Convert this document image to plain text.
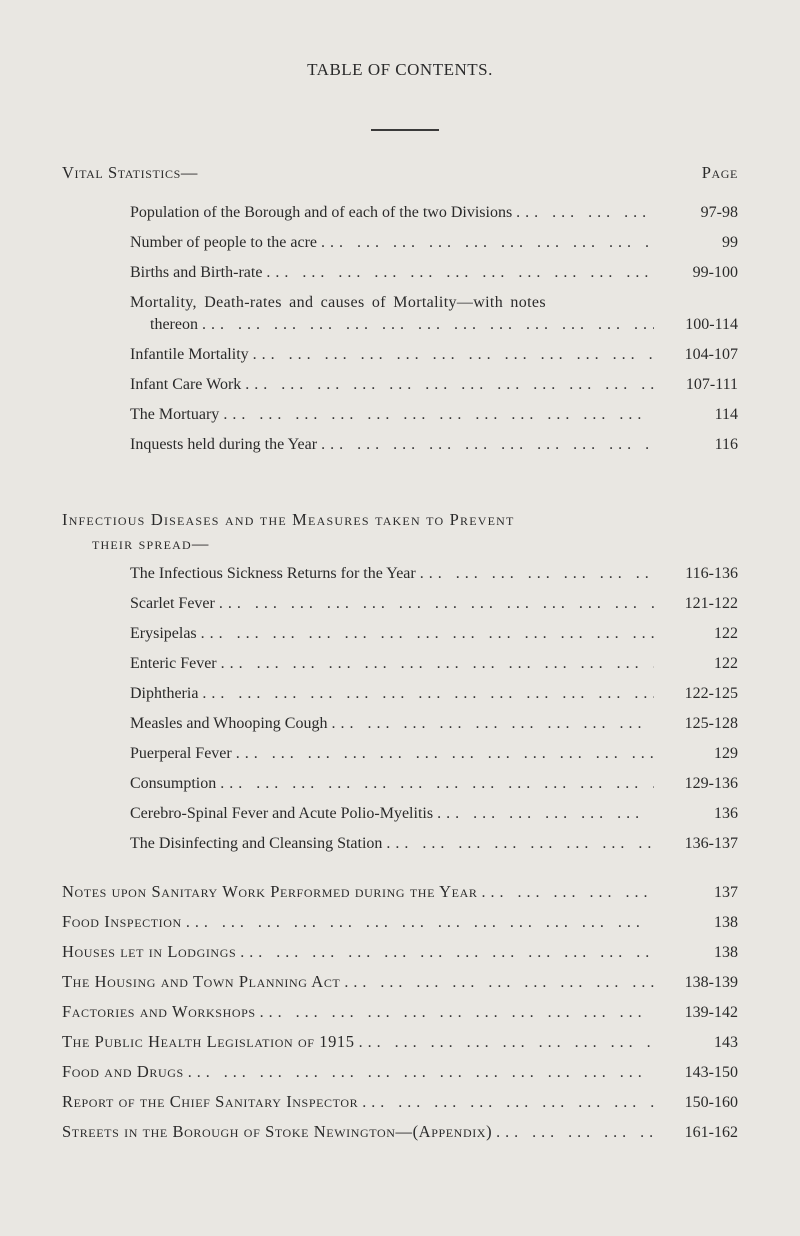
TABLE OF CONTENTS.
Vital Statistics—	Page
Population of the Borough and of each of the two Divisions ... .	97-98
Number of people to the acre ... .	99
Births and Birth-rate ... .	99-100
Mortality, Death-rates and causes of Mortality—with notes
thereon ... .	100-114
Infantile Mortality ... .	104-107
Infant Care Work ... .	107-111
The Mortuary ... .	114
Inquests held during the Year ... .	116
Infectious Diseases and the Measures taken to Prevent
their spread—
The Infectious Sickness Returns for the Year ... .	116-136
Scarlet Fever ... .	121-122
Erysipelas ... .	122
Enteric Fever ... .	122
Diphtheria ... .	122-125
Measles and Whooping Cough ... .	125-128
Puerperal Fever ... .	129
Consumption ... .	129-136
Cerebro-Spinal Fever and Acute Polio-Myelitis ... .	136
The Disinfecting and Cleansing Station ... .	136-137
Notes upon Sanitary Work Performed during the Year ... .	137
Food Inspection ... .	138
Houses let in Lodgings ... .	138
The Housing and Town Planning Act ... .	138-139
Factories and Workshops ... .	139-142
The Public Health Legislation of 1915 ... .	143
Food and Drugs ... .	143-150
Report of the Chief Sanitary Inspector ... .	150-160
Streets in the Borough of Stoke Newington—(Appendix) ... .	161-162
